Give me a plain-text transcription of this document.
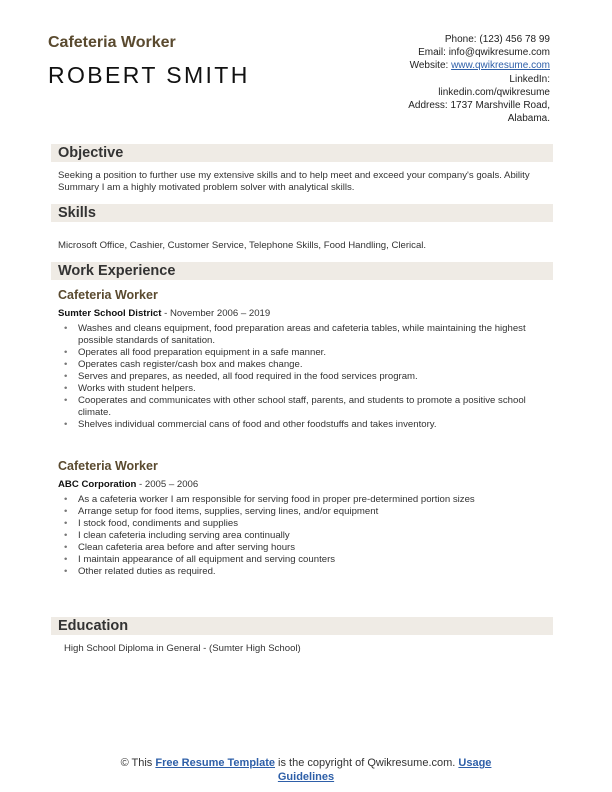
Cafeteria Worker
ROBERT SMITH
Phone: (123) 456 78 99
Email: info@qwikresume.com
Website: www.qwikresume.com
LinkedIn:
linkedin.com/qwikresume
Address: 1737 Marshville Road,
Alabama.
Objective
Seeking a position to further use my extensive skills and to help meet and exceed your company's goals. Ability Summary I am a highly motivated problem solver with analytical skills.
Skills
Microsoft Office, Cashier, Customer Service, Telephone Skills, Food Handling, Clerical.
Work Experience
Cafeteria Worker
Sumter School District - November 2006 – 2019
• Washes and cleans equipment, food preparation areas and cafeteria tables, while maintaining the highest possible standards of sanitation.
• Operates all food preparation equipment in a safe manner.
• Operates cash register/cash box and makes change.
• Serves and prepares, as needed, all food required in the food services program.
• Works with student helpers.
• Cooperates and communicates with other school staff, parents, and students to promote a positive school climate.
• Shelves individual commercial cans of food and other foodstuffs and takes inventory.
Cafeteria Worker
ABC Corporation - 2005 – 2006
• As a cafeteria worker I am responsible for serving food in proper pre-determined portion sizes
• Arrange setup for food items, supplies, serving lines, and/or equipment
• I stock food, condiments and supplies
• I clean cafeteria including serving area continually
• Clean cafeteria area before and after serving hours
• I maintain appearance of all equipment and serving counters
• Other related duties as required.
Education
High School Diploma in General - (Sumter High School)
© This Free Resume Template is the copyright of Qwikresume.com. Usage
Guidelines
